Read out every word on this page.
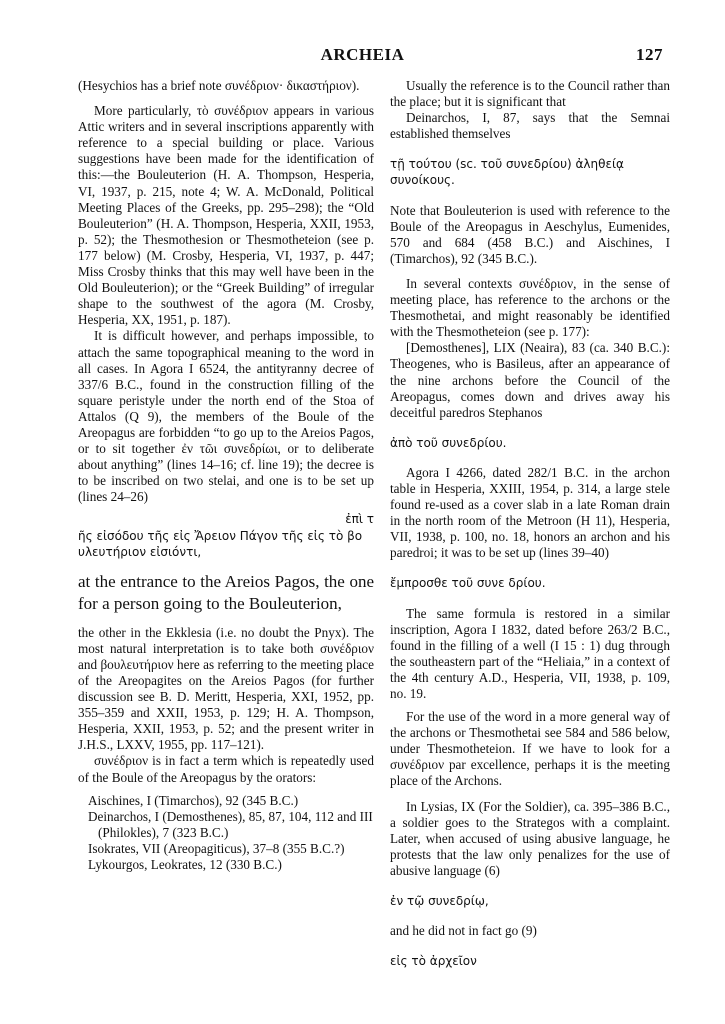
ARCHEIA	127

(Hesychios has a brief note συνέδριον· δικαστήριον).

More particularly, τὸ συνέδριον appears in various Attic writers and in several inscriptions apparently with reference to a special building or place. Various suggestions have been made for the identification of this:—the Bouleuterion (H. A. Thompson, Hesperia, VI, 1937, p. 215, note 4; W. A. McDonald, Political Meeting Places of the Greeks, pp. 295–298); the “Old Bouleuterion” (H. A. Thompson, Hesperia, XXII, 1953, p. 52); the Thesmothesion or Thesmotheteion (see p. 177 below) (M. Crosby, Hesperia, VI, 1937, p. 447; Miss Crosby thinks that this may well have been in the Old Bouleuterion); or the “Greek Building” of irregular shape to the southwest of the agora (M. Crosby, Hesperia, XX, 1951, p. 187).

It is difficult however, and perhaps impossible, to attach the same topographical meaning to the word in all cases. In Agora I 6524, the antityranny decree of 337/6 B.C., found in the construction filling of the square peristyle under the north end of the Stoa of Attalos (Q 9), the members of the Boule of the Areopagus are forbidden “to go up to the Areios Pagos, or to sit together ἐν τῶι συνεδρίωι, or to deliberate about anything” (lines 14–16; cf. line 19); the decree is to be inscribed on two stelai, and one is to be set up (lines 24–26)

ἐπὶ τ

ῆς εἰσόδου τῆς εἰς Ἄρειον Πάγον τῆς εἰς τὸ βο υλευτήριον εἰσιόντι,

at the entrance to the Areios Pagos, the one for a person going to the Bouleuterion,

the other in the Ekklesia (i.e. no doubt the Pnyx). The most natural interpretation is to take both συνέδριον and βουλευτήριον here as referring to the meeting place of the Areopagites on the Areios Pagos (for further discussion see B. D. Meritt, Hesperia, XXI, 1952, pp. 355–359 and XXII, 1953, p. 129; H. A. Thompson, Hesperia, XXII, 1953, p. 52; and the present writer in J.H.S., LXXV, 1955, pp. 117–121).

συνέδριον is in fact a term which is repeatedly used of the Boule of the Areopagus by the orators:

Aischines, I (Timarchos), 92 (345 B.C.)

Deinarchos, I (Demosthenes), 85, 87, 104, 112 and III (Philokles), 7 (323 B.C.)

Isokrates, VII (Areopagiticus), 37–8 (355 B.C.?)

Lykourgos, Leokrates, 12 (330 B.C.)

Usually the reference is to the Council rather than the place; but it is significant that

Deinarchos, I, 87, says that the Semnai established themselves

τῇ τούτου (sc. τοῦ συνεδρίου) ἀληθείᾳ συνοίκους.

Note that Bouleuterion is used with reference to the Boule of the Areopagus in Aeschylus, Eumenides, 570 and 684 (458 B.C.) and Aischines, I (Timarchos), 92 (345 B.C.).

In several contexts συνέδριον, in the sense of meeting place, has reference to the archons or the Thesmothetai, and might reasonably be identified with the Thesmotheteion (see p. 177):

[Demosthenes], LIX (Neaira), 83 (ca. 340 B.C.): Theogenes, who is Basileus, after an appearance of the nine archons before the Council of the Areopagus, comes down and drives away his deceitful paredros Stephanos

ἀπὸ τοῦ συνεδρίου.

Agora I 4266, dated 282/1 B.C. in the archon table in Hesperia, XXIII, 1954, p. 314, a large stele found re-used as a cover slab in a late Roman drain in the north room of the Metroon (H 11), Hesperia, VII, 1938, p. 100, no. 18, honors an archon and his paredroi; it was to be set up (lines 39–40)

ἔμπροσθε τοῦ συνε δρίου.

The same formula is restored in a similar inscription, Agora I 1832, dated before 263/2 B.C., found in the filling of a well (I 15 : 1) dug through the southeastern part of the “Heliaia,” in a context of the 4th century A.D., Hesperia, VII, 1938, p. 109, no. 19.

For the use of the word in a more general way of the archons or Thesmothetai see 584 and 586 below, under Thesmotheteion. If we have to look for a συνέδριον par excellence, perhaps it is the meeting place of the Archons.

In Lysias, IX (For the Soldier), ca. 395–386 B.C., a soldier goes to the Strategos with a complaint. Later, when accused of using abusive language, he protests that the law only penalizes for the use of abusive language (6)

ἐν τῷ συνεδρίῳ,

and he did not in fact go (9)

εἰς τὸ ἀρχεῖον
